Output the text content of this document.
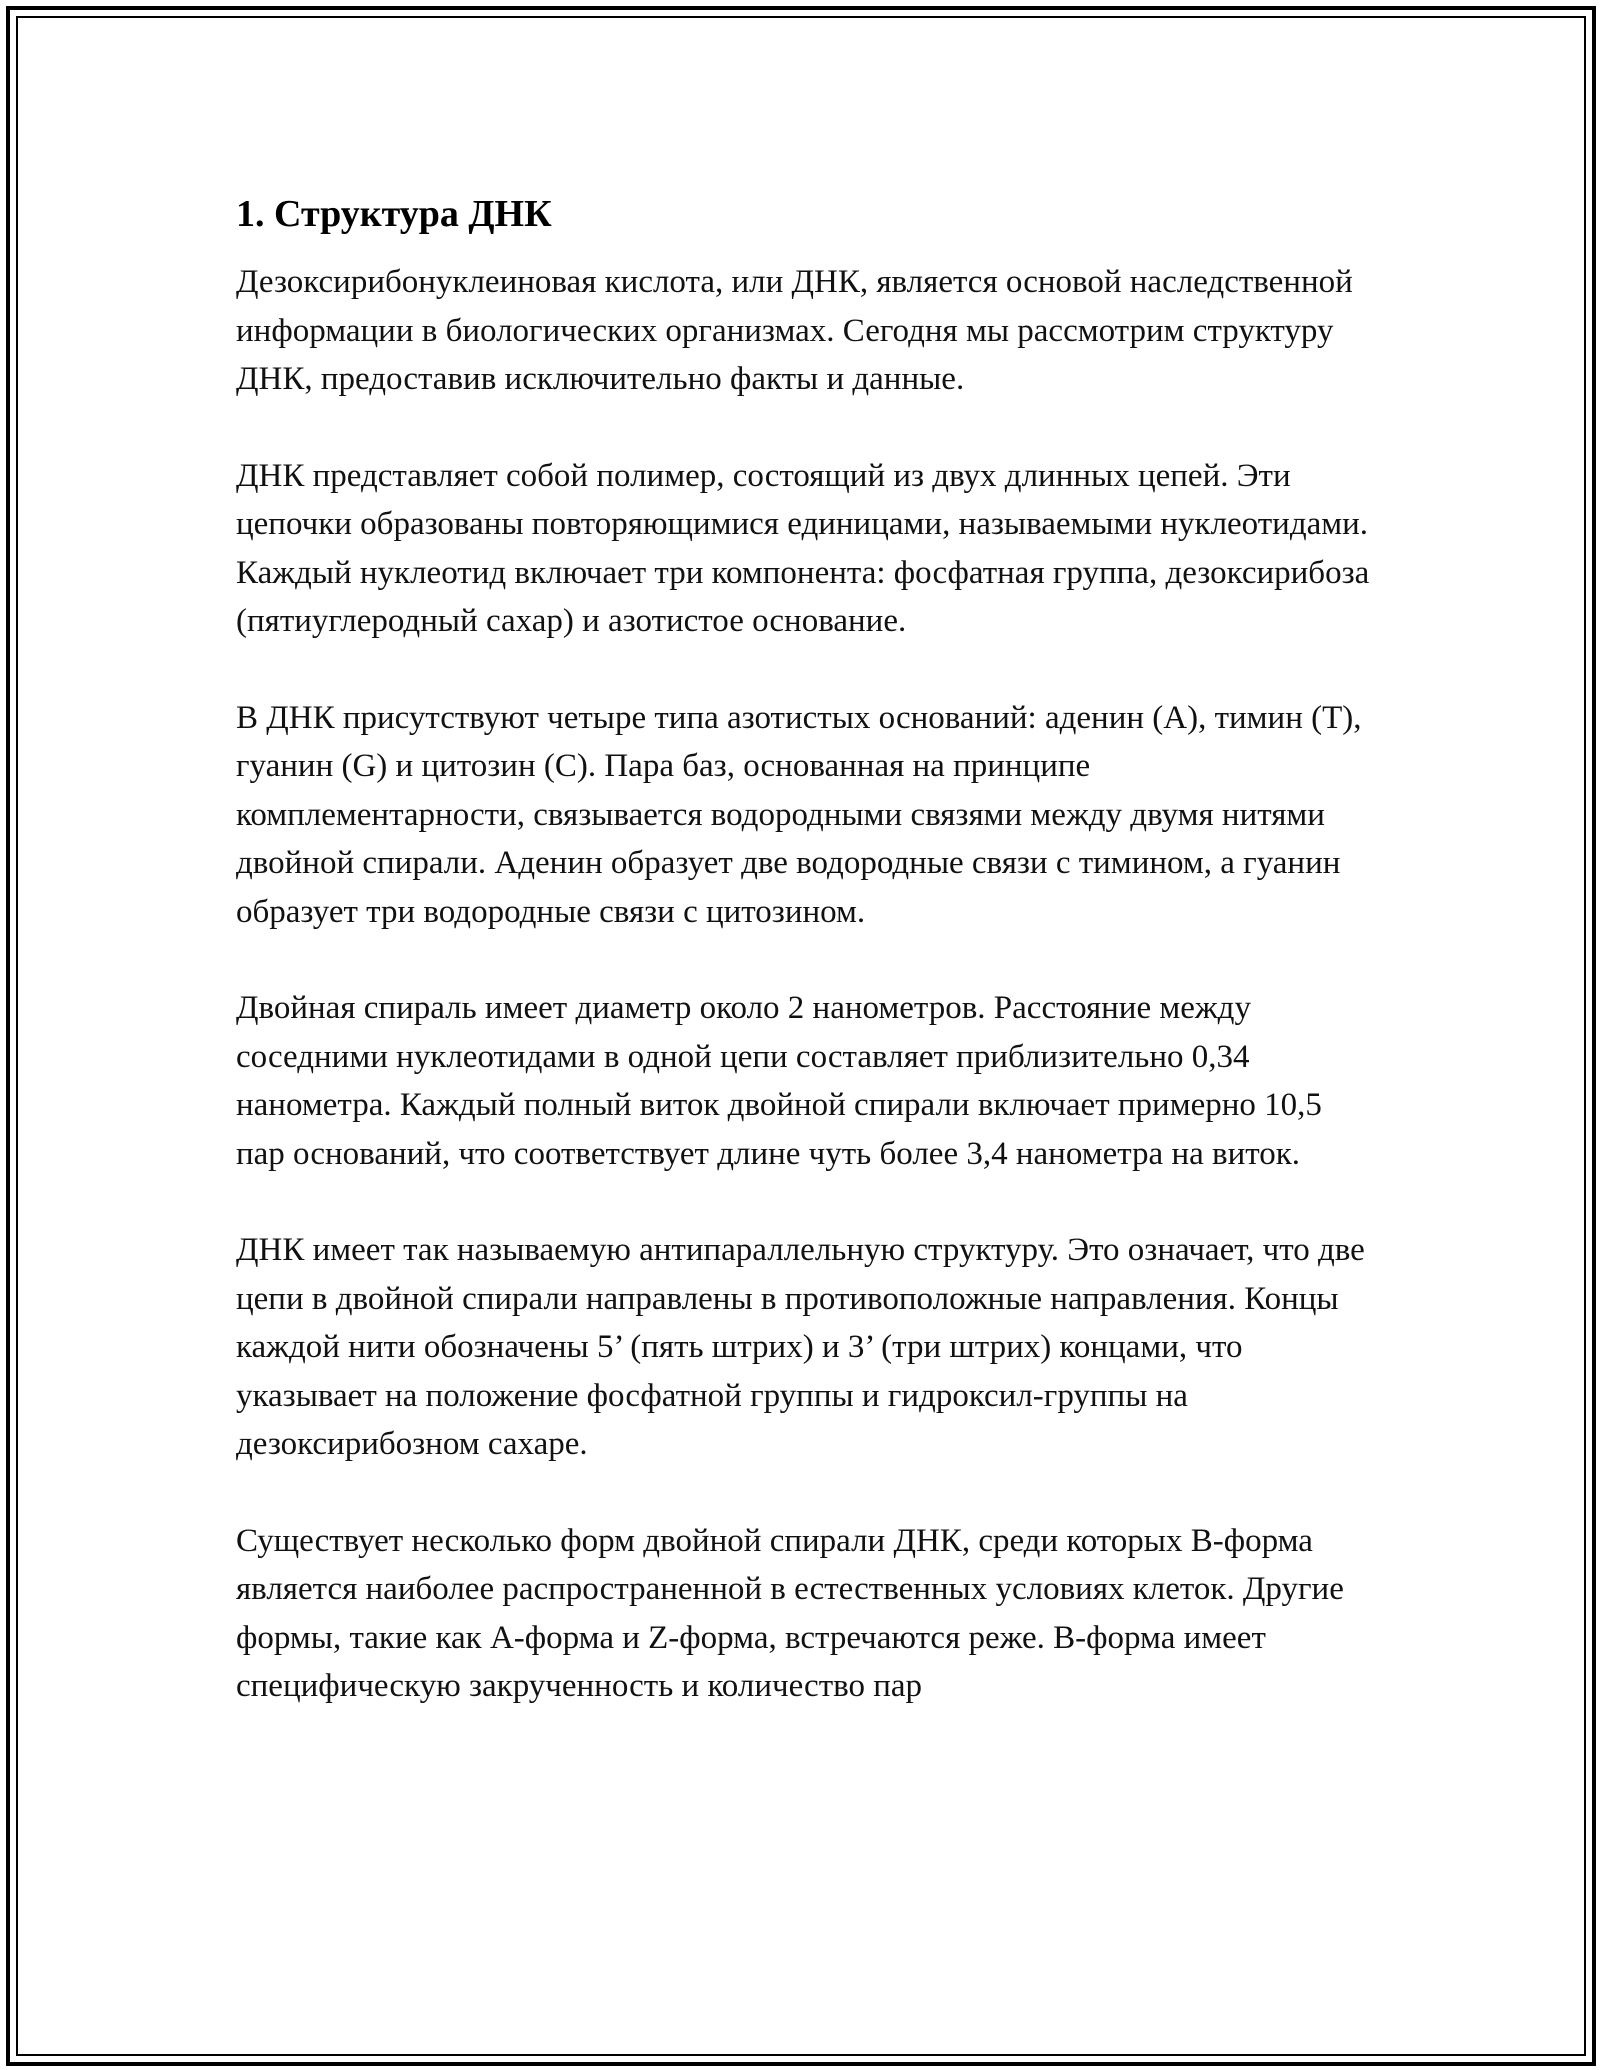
1. Структура ДНК

Дезоксирибонуклеиновая кислота, или ДНК, является основой наследственной информации в биологических организмах. Сегодня мы рассмотрим структуру ДНК, предоставив исключительно факты и данные.

ДНК представляет собой полимер, состоящий из двух длинных цепей. Эти цепочки образованы повторяющимися единицами, называемыми нуклеотидами. Каждый нуклеотид включает три компонента: фосфатная группа, дезоксирибоза (пятиуглеродный сахар) и азотистое основание.

В ДНК присутствуют четыре типа азотистых оснований: аденин (A), тимин (T), гуанин (G) и цитозин (C). Пара баз, основанная на принципе комплементарности, связывается водородными связями между двумя нитями двойной спирали. Аденин образует две водородные связи с тимином, а гуанин образует три водородные связи с цитозином.

Двойная спираль имеет диаметр около 2 нанометров. Расстояние между соседними нуклеотидами в одной цепи составляет приблизительно 0,34 нанометра. Каждый полный виток двойной спирали включает примерно 10,5 пар оснований, что соответствует длине чуть более 3,4 нанометра на виток.

ДНК имеет так называемую антипараллельную структуру. Это означает, что две цепи в двойной спирали направлены в противоположные направления. Концы каждой нити обозначены 5’ (пять штрих) и 3’ (три штрих) концами, что указывает на положение фосфатной группы и гидроксил-группы на дезоксирибозном сахаре.

Существует несколько форм двойной спирали ДНК, среди которых B-форма является наиболее распространенной в естественных условиях клеток. Другие формы, такие как A-форма и Z-форма, встречаются реже. B-форма имеет специфическую закрученность и количество пар
